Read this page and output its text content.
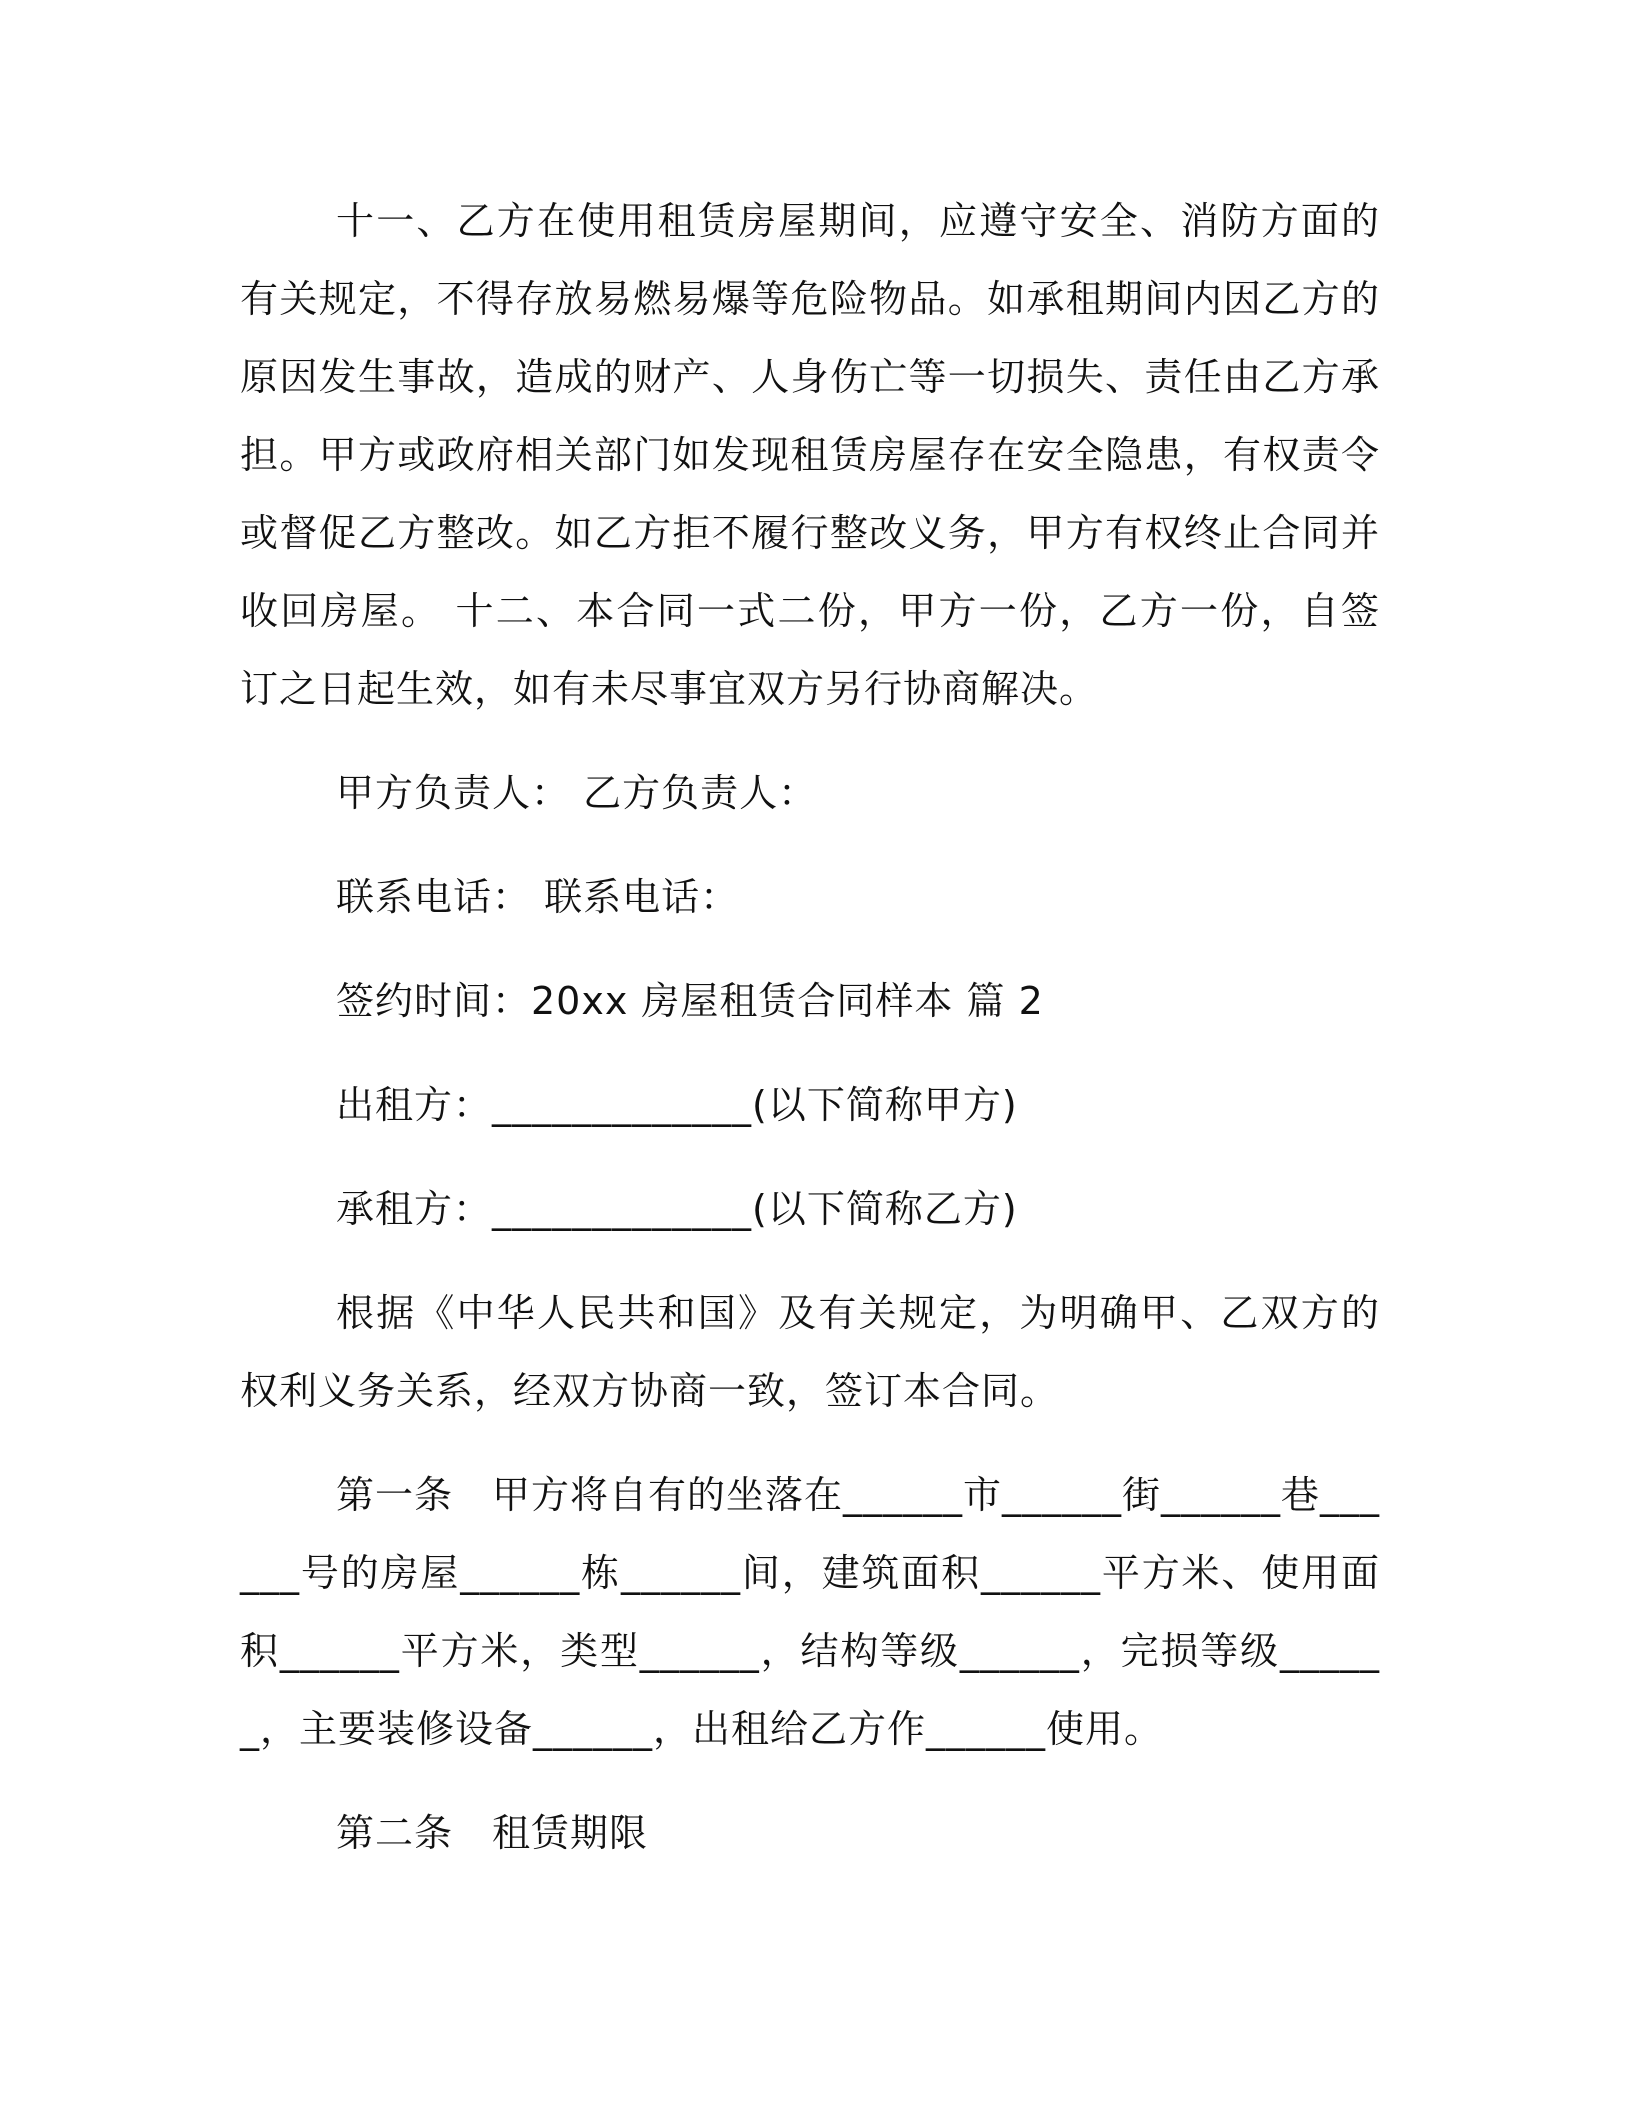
十一、乙方在使用租赁房屋期间，应遵守安全、消防方面的有关规定，不得存放易燃易爆等危险物品。如承租期间内因乙方的原因发生事故，造成的财产、人身伤亡等一切损失、责任由乙方承担。甲方或政府相关部门如发现租赁房屋存在安全隐患，有权责令或督促乙方整改。如乙方拒不履行整改义务，甲方有权终止合同并收回房屋。 十二、本合同一式二份，甲方一份，乙方一份，自签订之日起生效，如有未尽事宜双方另行协商解决。

甲方负责人： 乙方负责人：

联系电话： 联系电话：

签约时间：20xx 房屋租赁合同样本 篇 2

出租方：_____________(以下简称甲方)

承租方：_____________(以下简称乙方)

根据《中华人民共和国》及有关规定，为明确甲、乙双方的权利义务关系，经双方协商一致，签订本合同。

第一条　甲方将自有的坐落在______市______街______巷______号的房屋______栋______间，建筑面积______平方米、使用面积______平方米，类型______，结构等级______，完损等级______，主要装修设备______，出租给乙方作______使用。

第二条　租赁期限
